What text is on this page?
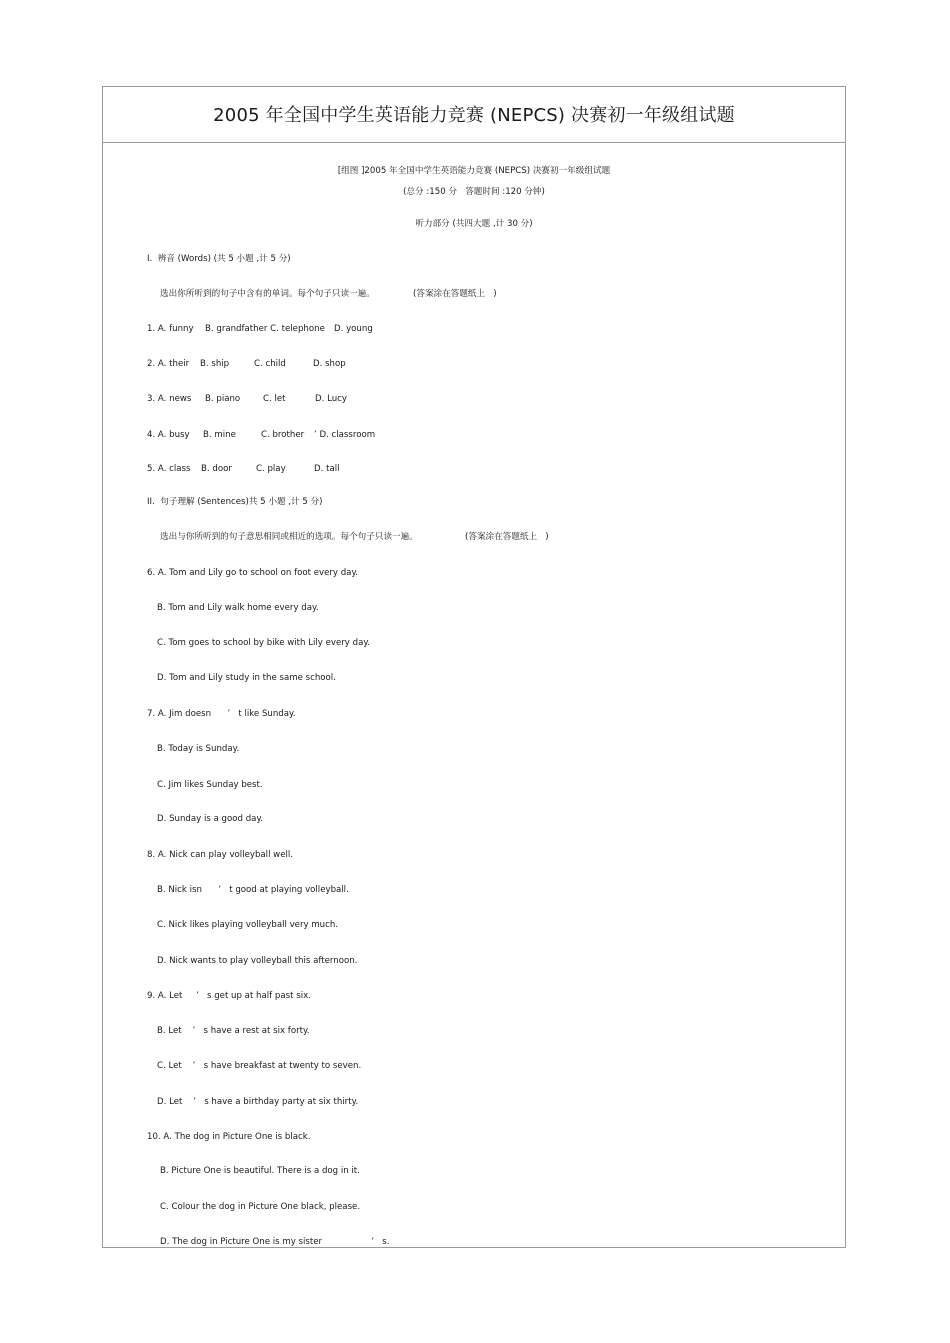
2005 年全国中学生英语能力竞赛 (NEPCS) 决赛初一年级组试题
[组图 ]2005 年全国中学生英语能力竞赛 (NEPCS) 决赛初一年级组试题
(总分 :150 分   答题时间 :120 分钟)
听力部分 (共四大题 ,计 30 分)
I.  辨音 (Words) (共 5 小题 ,计 5 分)
选出你所听到的句子中含有的单词。每个句子只读一遍。	(答案涂在答题纸上   )
1. A. funny B. grandfather C. telephone D. young
2. A. their B. ship	C. child	D. shop
3. A. news B. piano	C. let	D. Lucy
4. A. busy B. mine	C. brother ’ D. classroom
5. A. class B. door	C. play	D. tall
II.  句子理解 (Sentences)共 5 小题 ,计 5 分)
选出与你所听到的句子意思相同或相近的选项。每个句子只读一遍。	(答案涂在答题纸上   )
6. A. Tom and Lily go to school on foot every day.
B. Tom and Lily walk home every day.
C. Tom goes to school by bike with Lily every day.
D. Tom and Lily study in the same school.
7. A. Jim doesn      ’   t like Sunday.
B. Today is Sunday.
C. Jim likes Sunday best.
D. Sunday is a good day.
8. A. Nick can play volleyball well.
B. Nick isn      ’   t good at playing volleyball.
C. Nick likes playing volleyball very much.
D. Nick wants to play volleyball this afternoon.
9. A. Let     ’   s get up at half past six.
B. Let    ’   s have a rest at six forty.
C. Let    ’   s have breakfast at twenty to seven.
D. Let    ’   s have a birthday party at six thirty.
10. A. The dog in Picture One is black.
B. Picture One is beautiful. There is a dog in it.
C. Colour the dog in Picture One black, please.
D. The dog in Picture One is my sister                  ’   s.
